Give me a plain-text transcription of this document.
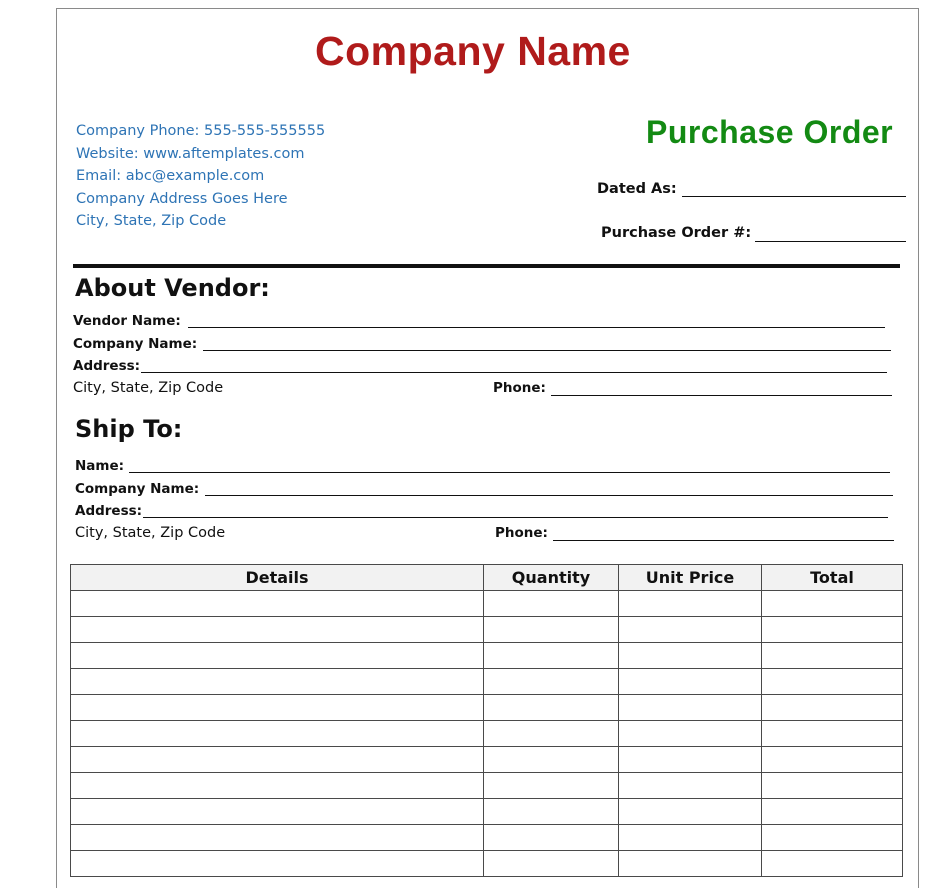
Company Name
Company Phone: 555-555-555555
Website: www.aftemplates.com
Email: abc@example.com
Company Address Goes Here
City, State, Zip Code
Purchase Order
Dated As:
Purchase Order #:
About Vendor:
Vendor Name:
Company Name:
Address:
City, State, Zip Code	Phone:
Ship To:
Name:
Company Name:
Address:
City, State, Zip Code	Phone:
Details	Quantity	Unit Price	Total
